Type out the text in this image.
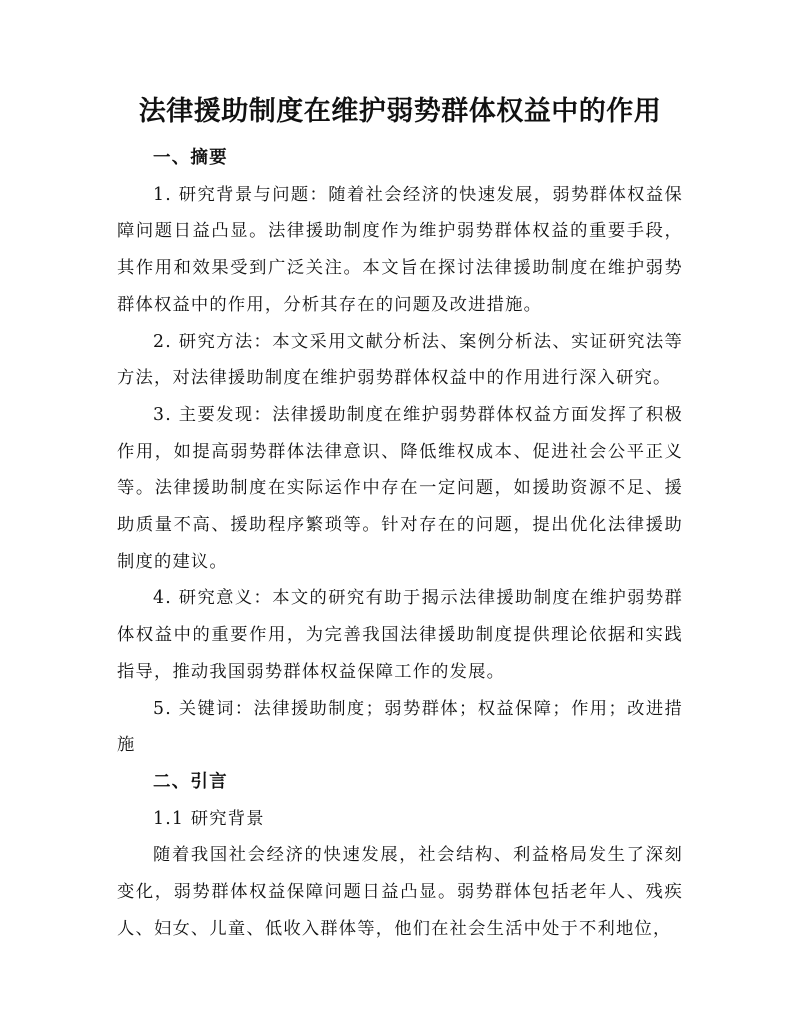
法律援助制度在维护弱势群体权益中的作用

一、摘要

1. 研究背景与问题：随着社会经济的快速发展，弱势群体权益保障问题日益凸显。法律援助制度作为维护弱势群体权益的重要手段，其作用和效果受到广泛关注。本文旨在探讨法律援助制度在维护弱势群体权益中的作用，分析其存在的问题及改进措施。

2. 研究方法：本文采用文献分析法、案例分析法、实证研究法等方法，对法律援助制度在维护弱势群体权益中的作用进行深入研究。

3. 主要发现：法律援助制度在维护弱势群体权益方面发挥了积极作用，如提高弱势群体法律意识、降低维权成本、促进社会公平正义等。法律援助制度在实际运作中存在一定问题，如援助资源不足、援助质量不高、援助程序繁琐等。针对存在的问题，提出优化法律援助制度的建议。

4. 研究意义：本文的研究有助于揭示法律援助制度在维护弱势群体权益中的重要作用，为完善我国法律援助制度提供理论依据和实践指导，推动我国弱势群体权益保障工作的发展。

5. 关键词：法律援助制度；弱势群体；权益保障；作用；改进措施

二、引言

1.1 研究背景

随着我国社会经济的快速发展，社会结构、利益格局发生了深刻变化，弱势群体权益保障问题日益凸显。弱势群体包括老年人、残疾人、妇女、儿童、低收入群体等，他们在社会生活中处于不利地位，
